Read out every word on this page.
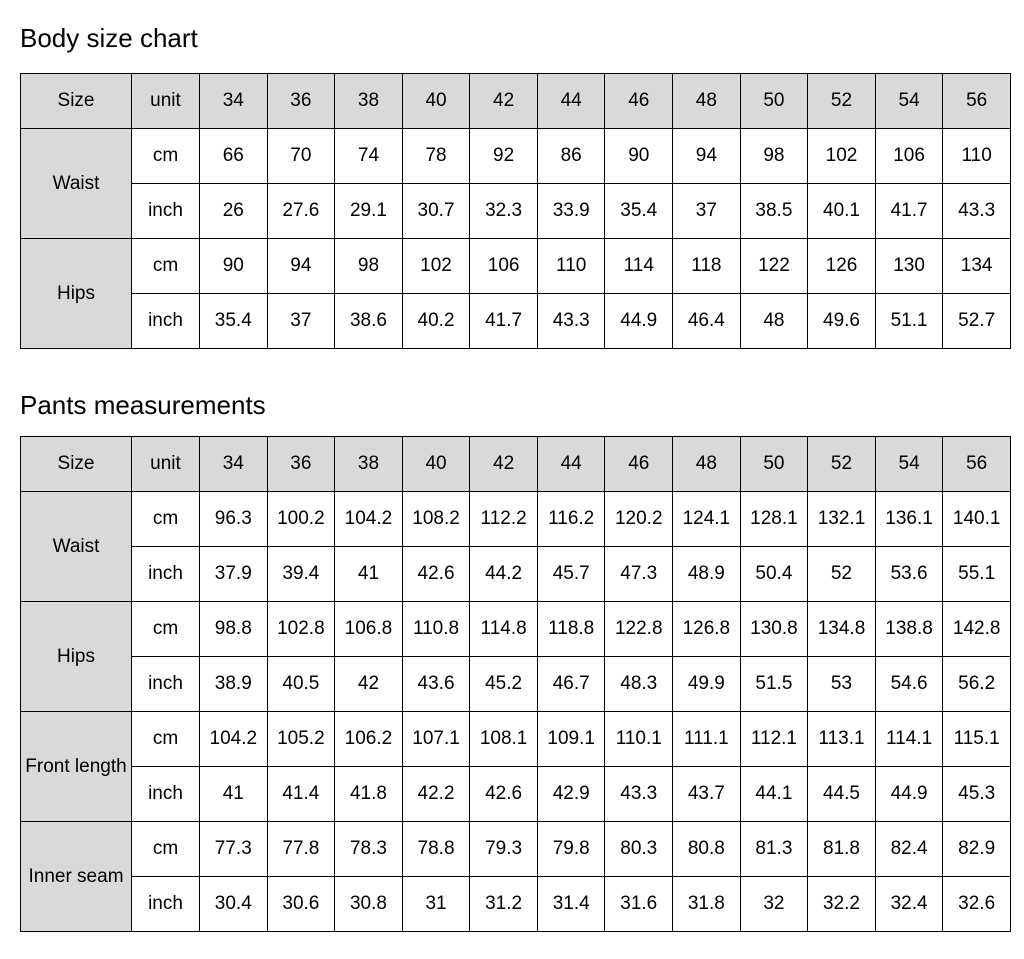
Body size chart
Size	unit	34	36	38	40	42	44	46	48	50	52	54	56
Waist	cm	66	70	74	78	92	86	90	94	98	102	106	110
	inch	26	27.6	29.1	30.7	32.3	33.9	35.4	37	38.5	40.1	41.7	43.3
Hips	cm	90	94	98	102	106	110	114	118	122	126	130	134
	inch	35.4	37	38.6	40.2	41.7	43.3	44.9	46.4	48	49.6	51.1	52.7
Pants measurements
Size	unit	34	36	38	40	42	44	46	48	50	52	54	56
Waist	cm	96.3	100.2	104.2	108.2	112.2	116.2	120.2	124.1	128.1	132.1	136.1	140.1
	inch	37.9	39.4	41	42.6	44.2	45.7	47.3	48.9	50.4	52	53.6	55.1
Hips	cm	98.8	102.8	106.8	110.8	114.8	118.8	122.8	126.8	130.8	134.8	138.8	142.8
	inch	38.9	40.5	42	43.6	45.2	46.7	48.3	49.9	51.5	53	54.6	56.2
Front length	cm	104.2	105.2	106.2	107.1	108.1	109.1	110.1	111.1	112.1	113.1	114.1	115.1
	inch	41	41.4	41.8	42.2	42.6	42.9	43.3	43.7	44.1	44.5	44.9	45.3
Inner seam	cm	77.3	77.8	78.3	78.8	79.3	79.8	80.3	80.8	81.3	81.8	82.4	82.9
	inch	30.4	30.6	30.8	31	31.2	31.4	31.6	31.8	32	32.2	32.4	32.6
